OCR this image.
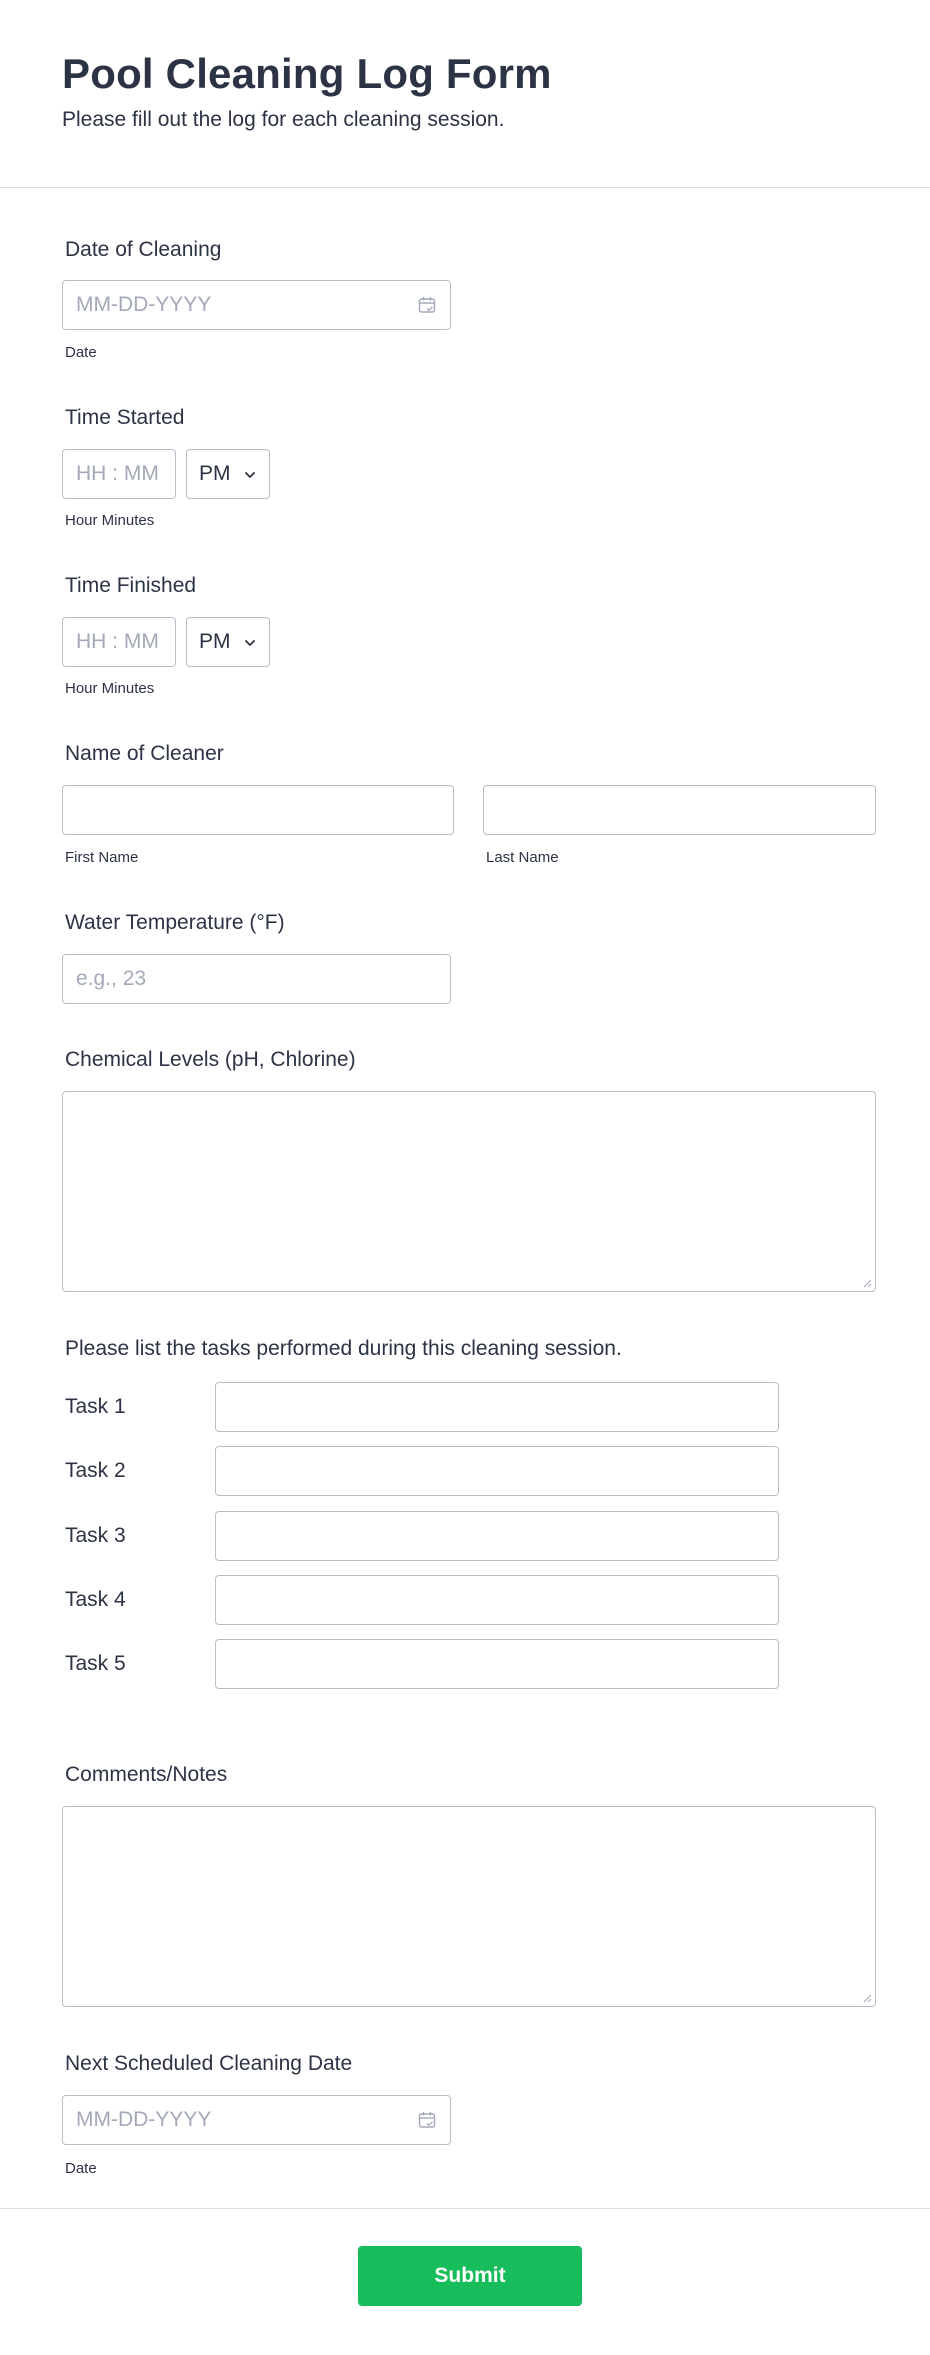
Pool Cleaning Log Form
Please fill out the log for each cleaning session.
Date of Cleaning
MM-DD-YYYY
Date
Time Started
HH : MM PM
Hour Minutes
Time Finished
HH : MM PM
Hour Minutes
Name of Cleaner
First Name	Last Name
Water Temperature (°F)
e.g., 23
Chemical Levels (pH, Chlorine)
Please list the tasks performed during this cleaning session.
Task 1
Task 2
Task 3
Task 4
Task 5
Comments/Notes
Next Scheduled Cleaning Date
MM-DD-YYYY
Date
Submit
